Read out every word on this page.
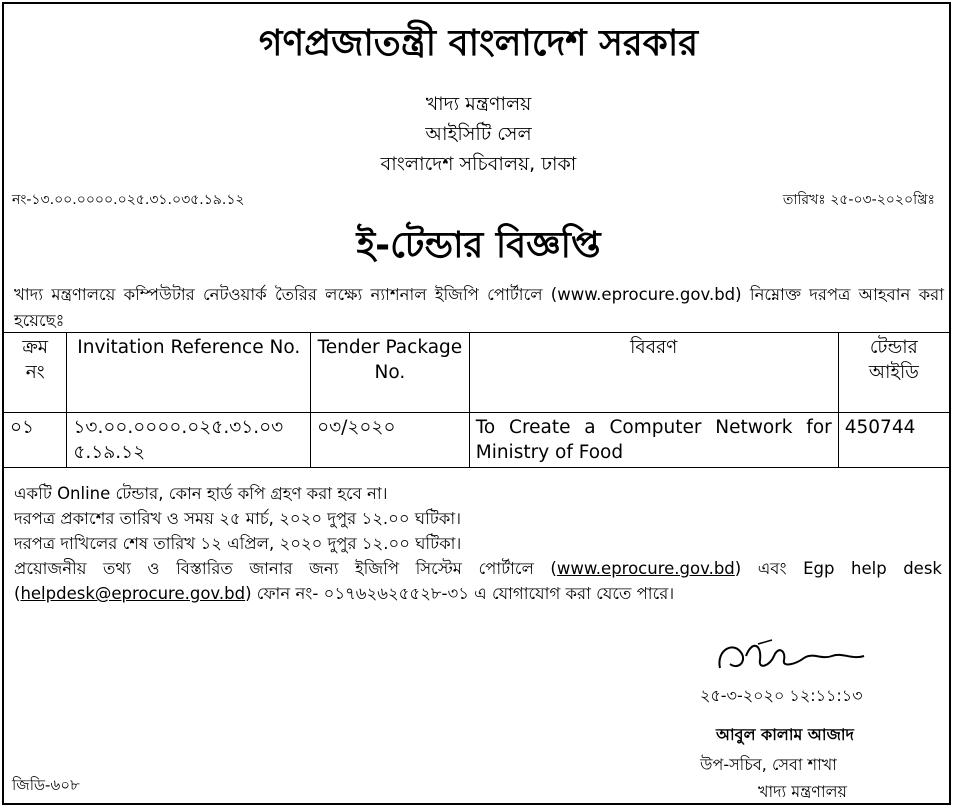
গণপ্রজাতন্ত্রী বাংলাদেশ সরকার
খাদ্য মন্ত্রণালয়
আইসিটি সেল
বাংলাদেশ সচিবালয়, ঢাকা
নং-১৩.০০.০০০০.০২৫.৩১.০৩৫.১৯.১২	তারিখঃ ২৫-০৩-২০২০খ্রিঃ
ই-টেন্ডার বিজ্ঞপ্তি
খাদ্য মন্ত্রণালয়ে কম্পিউটার নেটওয়ার্ক তৈরির লক্ষ্যে ন্যাশনাল ইজিপি পোর্টালে (www.eprocure.gov.bd) নিম্নোক্ত দরপত্র আহবান করা হয়েছেঃ
ক্রম নং	Invitation Reference No.	Tender Package No.	বিবরণ	টেন্ডার আইডি
০১	১৩.০০.০০০০.০২৫.৩১.০৩ ৫.১৯.১২	০৩/২০২০	To Create a Computer Network for Ministry of Food	450744

একটি Online টেন্ডার, কোন হার্ড কপি গ্রহণ করা হবে না।

দরপত্র প্রকাশের তারিখ ও সময় ২৫ মার্চ, ২০২০ দুপুর ১২.০০ ঘটিকা।

দরপত্র দাখিলের শেষ তারিখ ১২ এপ্রিল, ২০২০ দুপুর ১২.০০ ঘটিকা।

প্রয়োজনীয় তথ্য ও বিস্তারিত জানার জন্য ইজিপি সিস্টেম পোর্টালে (www.eprocure.gov.bd) এবং Egp help desk

(helpdesk@eprocure.gov.bd) ফোন নং- ০১৭৬২৬২৫৫২৮-৩১ এ যোগাযোগ করা যেতে পারে।

২৫-৩-২০২০ ১২:১১:১৩
আবুল কালাম আজাদ
উপ-সচিব, সেবা শাখা
খাদ্য মন্ত্রণালয়
জিডি-৬০৮
